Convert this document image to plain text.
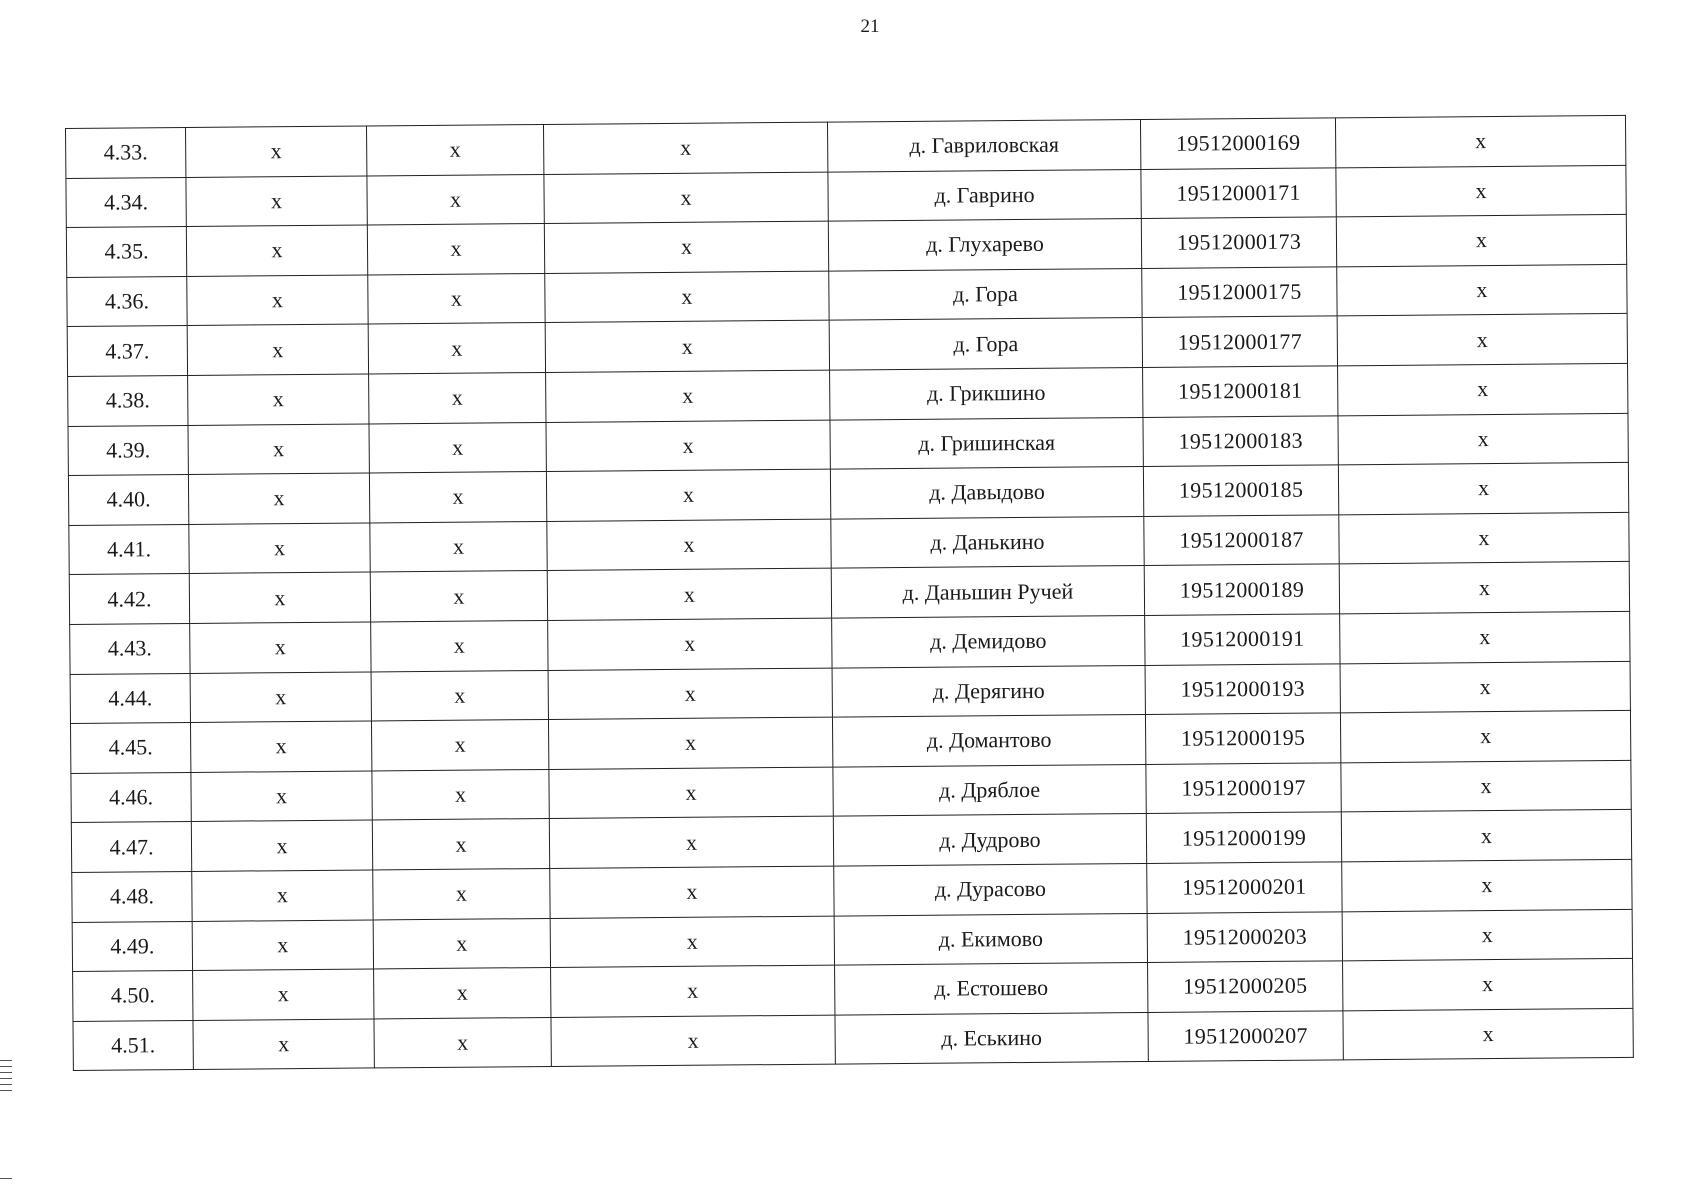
21
4.33.	х	х	х	д. Гавриловская	19512000169	х
4.34.	х	х	х	д. Гаврино	19512000171	х
4.35.	х	х	х	д. Глухарево	19512000173	х
4.36.	х	х	х	д. Гора	19512000175	х
4.37.	х	х	х	д. Гора	19512000177	х
4.38.	х	х	х	д. Грикшино	19512000181	х
4.39.	х	х	х	д. Гришинская	19512000183	х
4.40.	х	х	х	д. Давыдово	19512000185	х
4.41.	х	х	х	д. Данькино	19512000187	х
4.42.	х	х	х	д. Даньшин Ручей	19512000189	х
4.43.	х	х	х	д. Демидово	19512000191	х
4.44.	х	х	х	д. Дерягино	19512000193	х
4.45.	х	х	х	д. Домантово	19512000195	х
4.46.	х	х	х	д. Дряблое	19512000197	х
4.47.	х	х	х	д. Дудрово	19512000199	х
4.48.	х	х	х	д. Дурасово	19512000201	х
4.49.	х	х	х	д. Екимово	19512000203	х
4.50.	х	х	х	д. Естошево	19512000205	х
4.51.	х	х	х	д. Еськино	19512000207	х
